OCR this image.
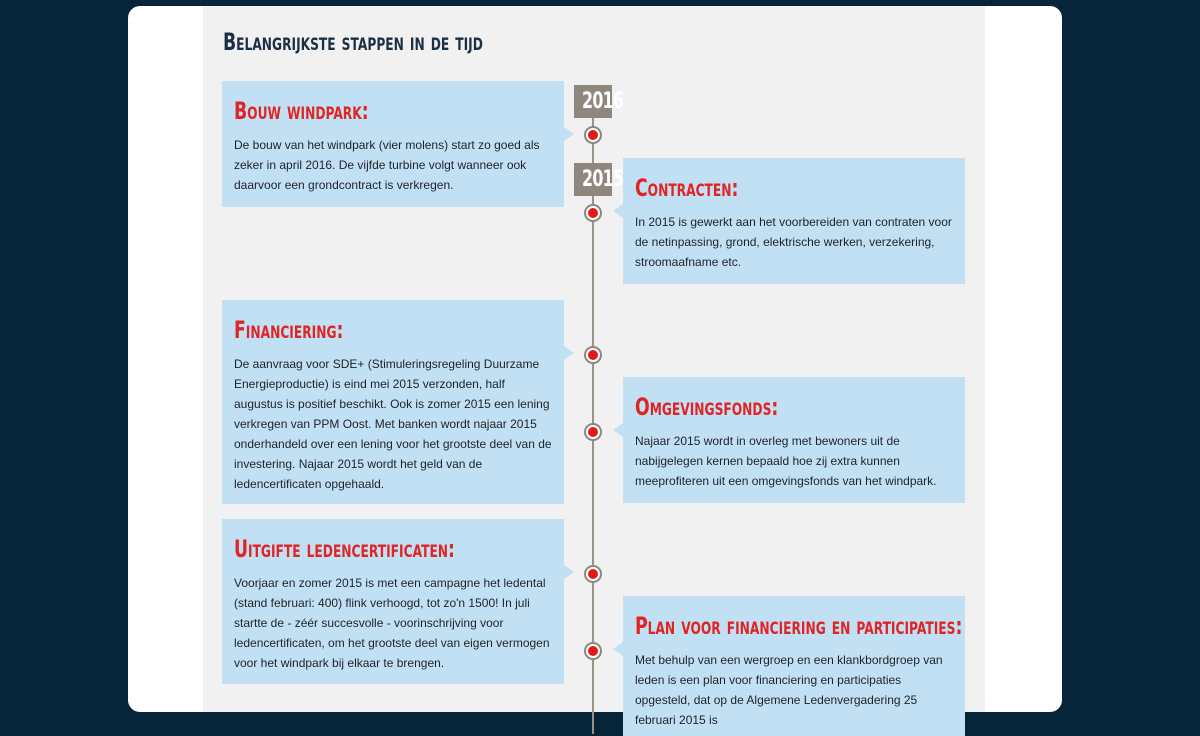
Belangrijkste stappen in de tijd
2016
2015
Bouw windpark:

De bouw van het windpark (vier molens) start zo goed als zeker in april 2016. De vijfde turbine volgt wanneer ook daarvoor een grondcontract is verkregen.	Contracten:

In 2015 is gewerkt aan het voorbereiden van contraten voor de netinpassing, grond, elektrische werken, verzekering, stroomaafname etc.

Financiering:

De aanvraag voor SDE+ (Stimuleringsregeling Duurzame Energieproductie) is eind mei 2015 verzonden, half augustus is positief beschikt. Ook is zomer 2015 een lening verkregen van PPM Oost. Met banken wordt najaar 2015 onderhandeld over een lening voor het grootste deel van de investering. Najaar 2015 wordt het geld van de ledencertificaten opgehaald.

Omgevingsfonds:

Najaar 2015 wordt in overleg met bewoners uit de nabijgelegen kernen bepaald hoe zij extra kunnen meeprofiteren uit een omgevingsfonds van het windpark.

Uitgifte ledencertificaten:

Voorjaar en zomer 2015 is met een campagne het ledental (stand februari: 400) flink verhoogd, tot zo'n 1500! In juli startte de - zéér succesvolle - voorinschrijving voor ledencertificaten, om het grootste deel van eigen vermogen voor het windpark bij elkaar te brengen.

Plan voor financiering en participaties:

Met behulp van een wergroep en een klankbordgroep van leden is een plan voor financiering en participaties opgesteld, dat op de Algemene Ledenvergadering 25 februari 2015 is
